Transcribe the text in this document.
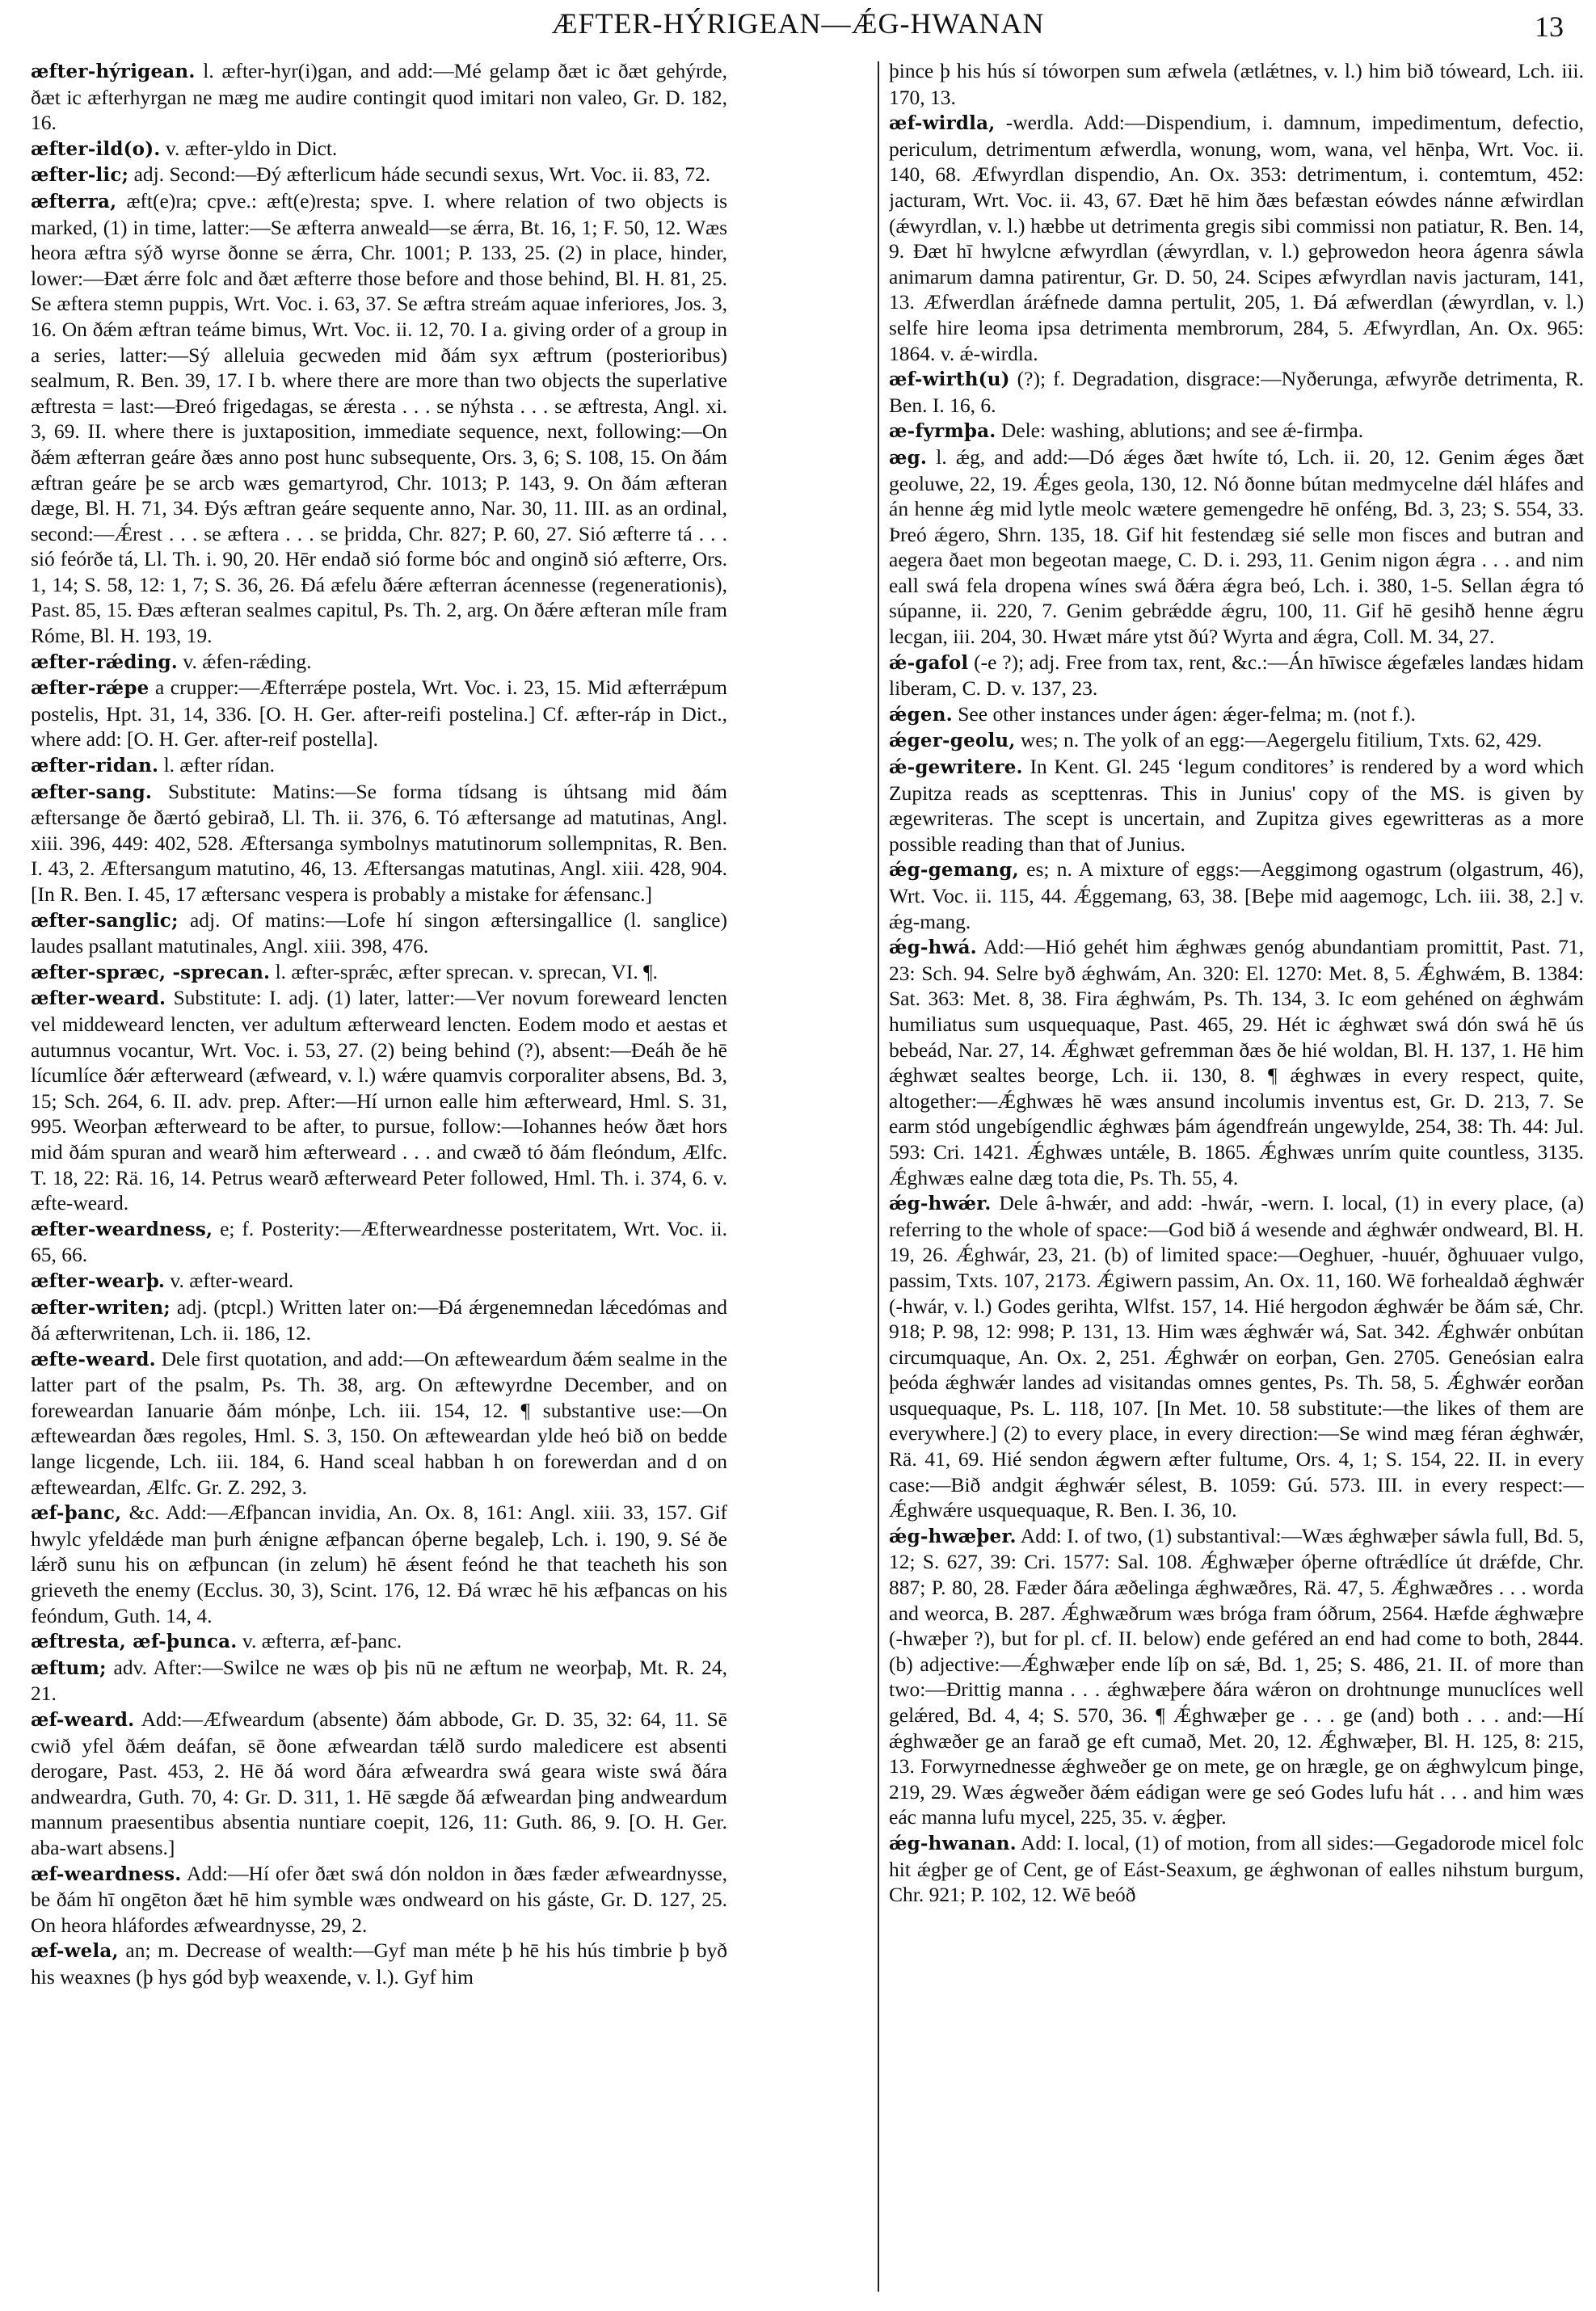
ÆFTER-HÝRIGEAN—ǼG-HWANAN	13

æfter-hýrigean. l. æfter-hyr(i)gan, and add:—Mé gelamp ðæt ic ðæt gehýrde, ðæt ic æfterhyrgan ne mæg me audire contingit quod imitari non valeo, Gr. D. 182, 16.

æfter-ild(o). v. æfter-yldo in Dict.

æfter-lic; adj. Second:—Ðý æfterlicum háde secundi sexus, Wrt. Voc. ii. 83, 72.

æfterra, æft(e)ra; cpve.: æft(e)resta; spve. I. where relation of two objects is marked, (1) in time, latter:—Se æfterra anweald—se ǽrra, Bt. 16, 1; F. 50, 12. Wæs heora æftra sýð wyrse ðonne se ǽrra, Chr. 1001; P. 133, 25. (2) in place, hinder, lower:—Ðæt ǽrre folc and ðæt æfterre those before and those behind, Bl. H. 81, 25. Se æftera stemn puppis, Wrt. Voc. i. 63, 37. Se æftra streám aquae inferiores, Jos. 3, 16. On ðǽm æftran teáme bimus, Wrt. Voc. ii. 12, 70. I a. giving order of a group in a series, latter:—Sý alleluia gecweden mid ðám syx æftrum (posterioribus) sealmum, R. Ben. 39, 17. I b. where there are more than two objects the superlative æftresta = last:—Ðreó frigedagas, se ǽresta . . . se nýhsta . . . se æftresta, Angl. xi. 3, 69. II. where there is juxtaposition, immediate sequence, next, following:—On ðǽm æfterran geáre ðæs anno post hunc subsequente, Ors. 3, 6; S. 108, 15. On ðám æftran geáre þe se arcb wæs gemartyrod, Chr. 1013; P. 143, 9. On ðám æfteran dæge, Bl. H. 71, 34. Ðýs æftran geáre sequente anno, Nar. 30, 11. III. as an ordinal, second:—Ǽrest . . . se æftera . . . se þridda, Chr. 827; P. 60, 27. Sió æfterre tá . . . sió feórðe tá, Ll. Th. i. 90, 20. Hēr endað sió forme bóc and onginð sió æfterre, Ors. 1, 14; S. 58, 12: 1, 7; S. 36, 26. Ðá æfelu ðǽre æfterran ácennesse (regenerationis), Past. 85, 15. Ðæs æfteran sealmes capitul, Ps. Th. 2, arg. On ðǽre æfteran míle fram Róme, Bl. H. 193, 19.

æfter-rǽding. v. ǽfen-rǽding.

æfter-rǽpe a crupper:—Æfterrǽpe postela, Wrt. Voc. i. 23, 15. Mid æfterrǽpum postelis, Hpt. 31, 14, 336. [O. H. Ger. after-reifi postelina.] Cf. æfter-ráp in Dict., where add: [O. H. Ger. after-reif postella].

æfter-ridan. l. æfter rídan.

æfter-sang. Substitute: Matins:—Se forma tídsang is úhtsang mid ðám æftersange ðe ðærtó gebirað, Ll. Th. ii. 376, 6. Tó æftersange ad matutinas, Angl. xiii. 396, 449: 402, 528. Æftersanga symbolnys matutinorum sollempnitas, R. Ben. I. 43, 2. Æftersangum matutino, 46, 13. Æftersangas matutinas, Angl. xiii. 428, 904. [In R. Ben. I. 45, 17 æftersanc vespera is probably a mistake for ǽfensanc.]

æfter-sanglic; adj. Of matins:—Lofe hí singon æftersingallice (l. sanglice) laudes psallant matutinales, Angl. xiii. 398, 476.

æfter-spræc, -sprecan. l. æfter-sprǽc, æfter sprecan. v. sprecan, VI. ¶.

æfter-weard. Substitute: I. adj. (1) later, latter:—Ver novum foreweard lencten vel middeweard lencten, ver adultum æfterweard lencten. Eodem modo et aestas et autumnus vocantur, Wrt. Voc. i. 53, 27. (2) being behind (?), absent:—Ðeáh ðe hē lícumlíce ðǽr æfterweard (æfweard, v. l.) wǽre quamvis corporaliter absens, Bd. 3, 15; Sch. 264, 6. II. adv. prep. After:—Hí urnon ealle him æfterweard, Hml. S. 31, 995. Weorþan æfterweard to be after, to pursue, follow:—Iohannes heów ðæt hors mid ðám spuran and wearð him æfterweard . . . and cwæð tó ðám fleóndum, Ælfc. T. 18, 22: Rä. 16, 14. Petrus wearð æfterweard Peter followed, Hml. Th. i. 374, 6. v. æfte-weard.

æfter-weardness, e; f. Posterity:—Æfterweardnesse posteritatem, Wrt. Voc. ii. 65, 66.

æfter-wearþ. v. æfter-weard.

æfter-writen; adj. (ptcpl.) Written later on:—Ðá ǽrgenemnedan lǽcedómas and ðá æfterwritenan, Lch. ii. 186, 12.

æfte-weard. Dele first quotation, and add:—On æfteweardum ðǽm sealme in the latter part of the psalm, Ps. Th. 38, arg. On æftewyrdne December, and on foreweardan Ianuarie ðám mónþe, Lch. iii. 154, 12. ¶ substantive use:—On æfteweardan ðæs regoles, Hml. S. 3, 150. On æfteweardan ylde heó bið on bedde lange licgende, Lch. iii. 184, 6. Hand sceal habban h on forewerdan and d on æfteweardan, Ælfc. Gr. Z. 292, 3.

æf-þanc, &c. Add:—Æfþancan invidia, An. Ox. 8, 161: Angl. xiii. 33, 157. Gif hwylc yfeldǽde man þurh ǽnigne æfþancan óþerne begaleþ, Lch. i. 190, 9. Sé ðe lǽrð sunu his on æfþuncan (in zelum) hē ǽsent feónd he that teacheth his son grieveth the enemy (Ecclus. 30, 3), Scint. 176, 12. Ðá wræc hē his æfþancas on his feóndum, Guth. 14, 4.

æftresta, æf-þunca. v. æfterra, æf-þanc.

æftum; adv. After:—Swilce ne wæs oþ þis nū ne æftum ne weorþaþ, Mt. R. 24, 21.

æf-weard. Add:—Æfweardum (absente) ðám abbode, Gr. D. 35, 32: 64, 11. Sē cwið yfel ðǽm deáfan, sē ðone æfweardan tǽlð surdo maledicere est absenti derogare, Past. 453, 2. Hē ðá word ðára æfweardra swá geara wiste swá ðára andweardra, Guth. 70, 4: Gr. D. 311, 1. Hē sægde ðá æfweardan þing andweardum mannum praesentibus absentia nuntiare coepit, 126, 11: Guth. 86, 9. [O. H. Ger. aba-wart absens.]

æf-weardness. Add:—Hí ofer ðæt swá dón noldon in ðæs fæder æfweardnysse, be ðám hī ongēton ðæt hē him symble wæs ondweard on his gáste, Gr. D. 127, 25. On heora hláfordes æfweardnysse, 29, 2.

æf-wela, an; m. Decrease of wealth:—Gyf man méte þ hē his hús timbrie þ byð his weaxnes (þ hys gód byþ weaxende, v. l.). Gyf him

þince þ his hús sí tóworpen sum æfwela (ætlǽtnes, v. l.) him bið tóweard, Lch. iii. 170, 13.

æf-wirdla, -werdla. Add:—Dispendium, i. damnum, impedimentum, defectio, periculum, detrimentum æfwerdla, wonung, wom, wana, vel hēnþa, Wrt. Voc. ii. 140, 68. Æfwyrdlan dispendio, An. Ox. 353: detrimentum, i. contemtum, 452: jacturam, Wrt. Voc. ii. 43, 67. Ðæt hē him ðæs befæstan eówdes nánne æfwirdlan (ǽwyrdlan, v. l.) hæbbe ut detrimenta gregis sibi commissi non patiatur, R. Ben. 14, 9. Ðæt hī hwylcne æfwyrdlan (ǽwyrdlan, v. l.) geþrowedon heora ágenra sáwla animarum damna patirentur, Gr. D. 50, 24. Scipes æfwyrdlan navis jacturam, 141, 13. Æfwerdlan árǽfnede damna pertulit, 205, 1. Ðá æfwerdlan (ǽwyrdlan, v. l.) selfe hire leoma ipsa detrimenta membrorum, 284, 5. Æfwyrdlan, An. Ox. 965: 1864. v. ǽ-wirdla.

æf-wirth(u) (?); f. Degradation, disgrace:—Nyðerunga, æfwyrðe detrimenta, R. Ben. I. 16, 6.

æ-fyrmþa. Dele: washing, ablutions; and see ǽ-firmþa.

æg. l. ǽg, and add:—Dó ǽges ðæt hwíte tó, Lch. ii. 20, 12. Genim ǽges ðæt geoluwe, 22, 19. Ǽges geola, 130, 12. Nó ðonne bútan medmycelne dǽl hláfes and án henne ǽg mid lytle meolc wætere gemengedre hē onféng, Bd. 3, 23; S. 554, 33. Þreó ǽgero, Shrn. 135, 18. Gif hit festendæg sié selle mon fisces and butran and aegera ðaet mon begeotan maege, C. D. i. 293, 11. Genim nigon ǽgra . . . and nim eall swá fela dropena wínes swá ðǽra ǽgra beó, Lch. i. 380, 1-5. Sellan ǽgra tó súpanne, ii. 220, 7. Genim gebrǽdde ǽgru, 100, 11. Gif hē gesihð henne ǽgru lecgan, iii. 204, 30. Hwæt máre ytst ðú? Wyrta and ǽgra, Coll. M. 34, 27.

ǽ-gafol (-e ?); adj. Free from tax, rent, &c.:—Án hīwisce ǽgefæles landæs hidam liberam, C. D. v. 137, 23.

ǽgen. See other instances under ágen: ǽger-felma; m. (not f.).

ǽger-geolu, wes; n. The yolk of an egg:—Aegergelu fitilium, Txts. 62, 429.

ǽ-gewritere. In Kent. Gl. 245 ‘legum conditores’ is rendered by a word which Zupitza reads as scepttenras. This in Junius' copy of the MS. is given by ægewriteras. The scept is uncertain, and Zupitza gives egewritteras as a more possible reading than that of Junius.

ǽg-gemang, es; n. A mixture of eggs:—Aeggimong ogastrum (olgastrum, 46), Wrt. Voc. ii. 115, 44. Ǽggemang, 63, 38. [Beþe mid aagemogc, Lch. iii. 38, 2.] v. ǽg-mang.

ǽg-hwá. Add:—Hió gehét him ǽghwæs genóg abundantiam promittit, Past. 71, 23: Sch. 94. Selre byð ǽghwám, An. 320: El. 1270: Met. 8, 5. Ǽghwǽm, B. 1384: Sat. 363: Met. 8, 38. Fira ǽghwám, Ps. Th. 134, 3. Ic eom gehéned on ǽghwám humiliatus sum usquequaque, Past. 465, 29. Hét ic ǽghwæt swá dón swá hē ús bebeád, Nar. 27, 14. Ǽghwæt gefremman ðæs ðe hié woldan, Bl. H. 137, 1. Hē him ǽghwæt sealtes beorge, Lch. ii. 130, 8. ¶ ǽghwæs in every respect, quite, altogether:—Ǽghwæs hē wæs ansund incolumis inventus est, Gr. D. 213, 7. Se earm stód ungebígendlic ǽghwæs þám ágendfreán ungewylde, 254, 38: Th. 44: Jul. 593: Cri. 1421. Ǽghwæs untǽle, B. 1865. Ǽghwæs unrím quite countless, 3135. Ǽghwæs ealne dæg tota die, Ps. Th. 55, 4.

ǽg-hwǽr. Dele â-hwǽr, and add: -hwár, -wern. I. local, (1) in every place, (a) referring to the whole of space:—God bið á wesende and ǽghwǽr ondweard, Bl. H. 19, 26. Ǽghwár, 23, 21. (b) of limited space:—Oeghuer, -huuér, ðghuuaer vulgo, passim, Txts. 107, 2173. Ǽgiwern passim, An. Ox. 11, 160. Wē forhealdað ǽghwǽr (-hwár, v. l.) Godes gerihta, Wlfst. 157, 14. Hié hergodon ǽghwǽr be ðám sǽ, Chr. 918; P. 98, 12: 998; P. 131, 13. Him wæs ǽghwǽr wá, Sat. 342. Ǽghwǽr onbútan circumquaque, An. Ox. 2, 251. Ǽghwǽr on eorþan, Gen. 2705. Geneósian ealra þeóda ǽghwǽr landes ad visitandas omnes gentes, Ps. Th. 58, 5. Ǽghwǽr eorðan usquequaque, Ps. L. 118, 107. [In Met. 10. 58 substitute:—the likes of them are everywhere.] (2) to every place, in every direction:—Se wind mæg féran ǽghwǽr, Rä. 41, 69. Hié sendon ǽgwern æfter fultume, Ors. 4, 1; S. 154, 22. II. in every case:—Bið andgit ǽghwǽr sélest, B. 1059: Gú. 573. III. in every respect:—Ǽghwǽre usquequaque, R. Ben. I. 36, 10.

ǽg-hwæþer. Add: I. of two, (1) substantival:—Wæs ǽghwæþer sáwla full, Bd. 5, 12; S. 627, 39: Cri. 1577: Sal. 108. Ǽghwæþer óþerne oftrǽdlíce út drǽfde, Chr. 887; P. 80, 28. Fæder ðára æðelinga ǽghwæðres, Rä. 47, 5. Ǽghwæðres . . . worda and weorca, B. 287. Ǽghwæðrum wæs bróga fram óðrum, 2564. Hæfde ǽghwæþre (-hwæþer ?), but for pl. cf. II. below) ende geféred an end had come to both, 2844. (b) adjective:—Ǽghwæþer ende líþ on sǽ, Bd. 1, 25; S. 486, 21. II. of more than two:—Ðrittig manna . . . ǽghwæþere ðára wǽron on drohtnunge munuclíces well gelǽred, Bd. 4, 4; S. 570, 36. ¶ Ǽghwæþer ge . . . ge (and) both . . . and:—Hí ǽghwæðer ge an farað ge eft cumað, Met. 20, 12. Ǽghwæþer, Bl. H. 125, 8: 215, 13. Forwyrnednesse ǽghweðer ge on mete, ge on hrægle, ge on ǽghwylcum þinge, 219, 29. Wæs ǽgweðer ðǽm eádigan were ge seó Godes lufu hát . . . and him wæs eác manna lufu mycel, 225, 35. v. ǽgþer.

ǽg-hwanan. Add: I. local, (1) of motion, from all sides:—Gegadorode micel folc hit ǽgþer ge of Cent, ge of Eást-Seaxum, ge ǽghwonan of ealles nihstum burgum, Chr. 921; P. 102, 12. Wē beóð
